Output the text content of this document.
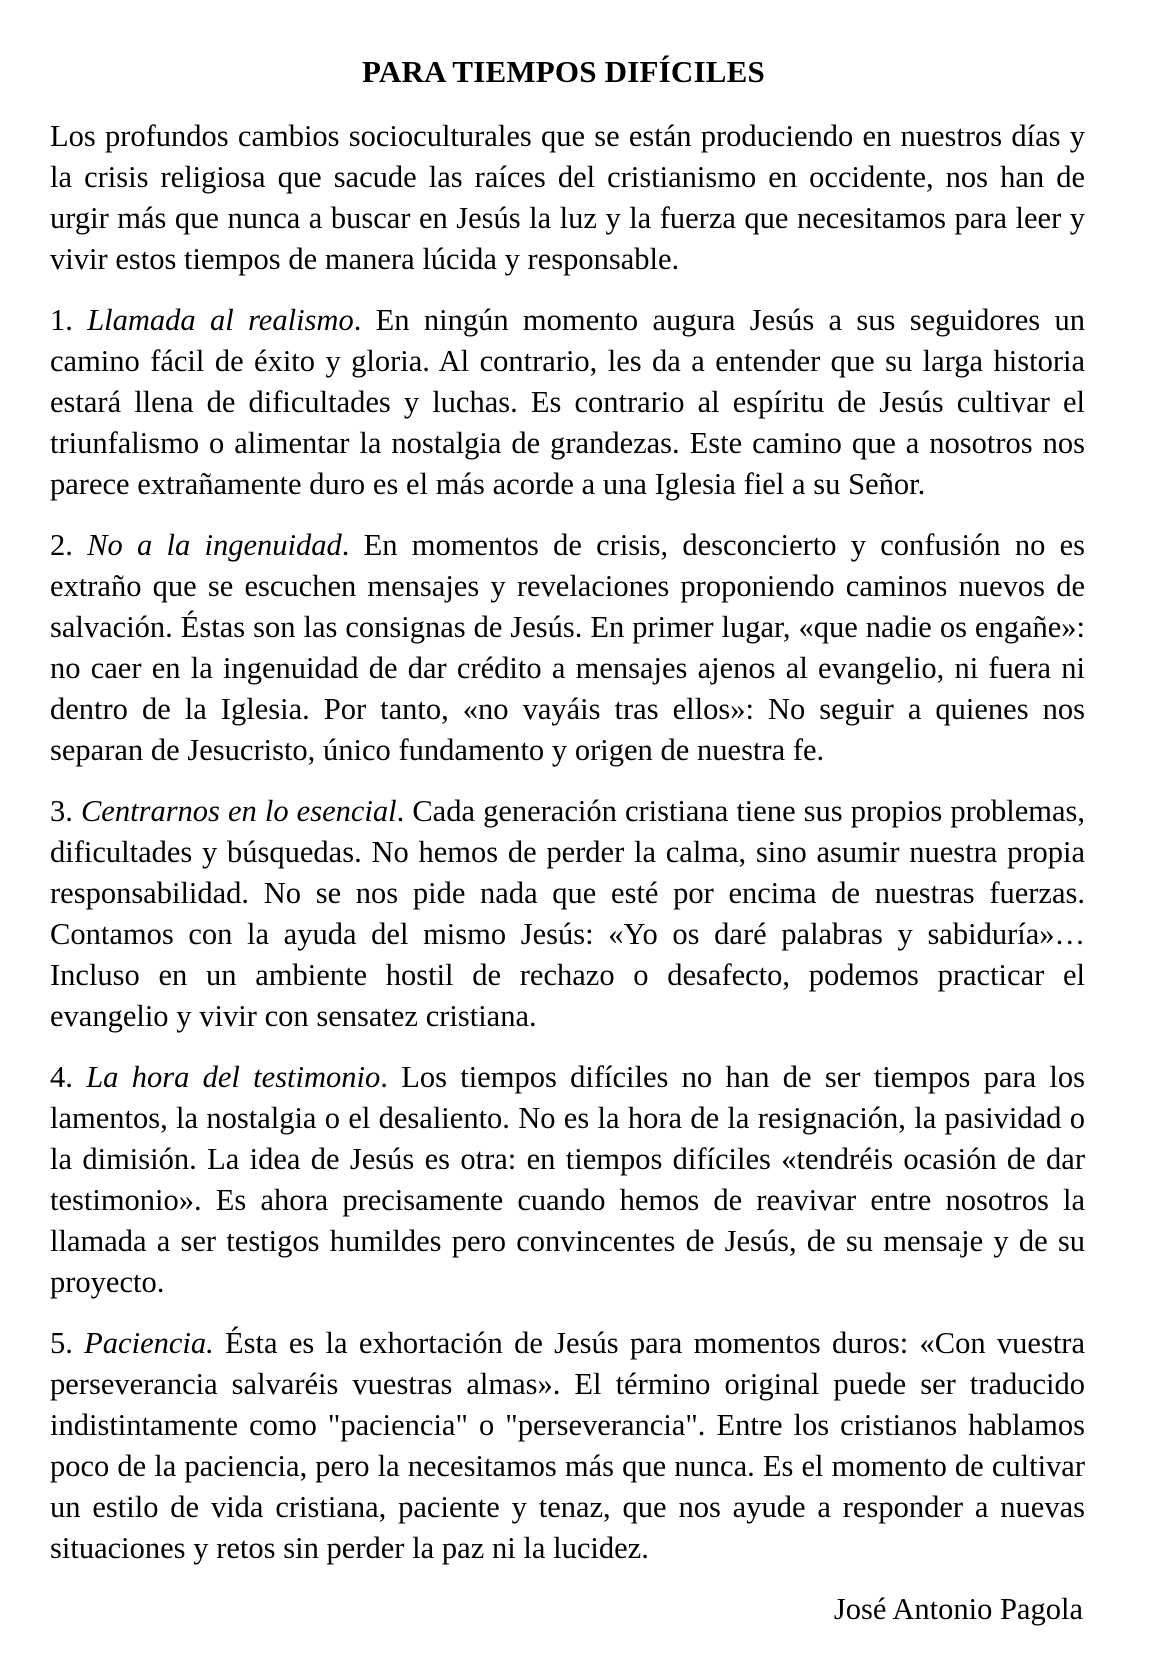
PARA TIEMPOS DIFÍCILES

Los profundos cambios socioculturales que se están produciendo en nuestros días y la crisis religiosa que sacude las raíces del cristianismo en occidente, nos han de urgir más que nunca a buscar en Jesús la luz y la fuerza que necesitamos para leer y vivir estos tiempos de manera lúcida y responsable.

1. Llamada al realismo. En ningún momento augura Jesús a sus seguidores un camino fácil de éxito y gloria. Al contrario, les da a entender que su larga historia estará llena de dificultades y luchas. Es contrario al espíritu de Jesús cultivar el triunfalismo o alimentar la nostalgia de grandezas. Este camino que a nosotros nos parece extrañamente duro es el más acorde a una Iglesia fiel a su Señor.

2. No a la ingenuidad. En momentos de crisis, desconcierto y confusión no es extraño que se escuchen mensajes y revelaciones proponiendo caminos nuevos de salvación. Éstas son las consignas de Jesús. En primer lugar, «que nadie os engañe»: no caer en la ingenuidad de dar crédito a mensajes ajenos al evangelio, ni fuera ni dentro de la Iglesia. Por tanto, «no vayáis tras ellos»: No seguir a quienes nos separan de Jesucristo, único fundamento y origen de nuestra fe.

3. Centrarnos en lo esencial. Cada generación cristiana tiene sus propios problemas, dificultades y búsquedas. No hemos de perder la calma, sino asumir nuestra propia responsabilidad. No se nos pide nada que esté por encima de nuestras fuerzas. Contamos con la ayuda del mismo Jesús: «Yo os daré palabras y sabiduría»… Incluso en un ambiente hostil de rechazo o desafecto, podemos practicar el evangelio y vivir con sensatez cristiana.

4. La hora del testimonio. Los tiempos difíciles no han de ser tiempos para los lamentos, la nostalgia o el desaliento. No es la hora de la resignación, la pasividad o la dimisión. La idea de Jesús es otra: en tiempos difíciles «tendréis ocasión de dar testimonio». Es ahora precisamente cuando hemos de reavivar entre nosotros la llamada a ser testigos humildes pero convincentes de Jesús, de su mensaje y de su proyecto.

5. Paciencia. Ésta es la exhortación de Jesús para momentos duros: «Con vuestra perseverancia salvaréis vuestras almas». El término original puede ser traducido indistintamente como "paciencia" o "perseverancia". Entre los cristianos hablamos poco de la paciencia, pero la necesitamos más que nunca. Es el momento de cultivar un estilo de vida cristiana, paciente y tenaz, que nos ayude a responder a nuevas situaciones y retos sin perder la paz ni la lucidez.

José Antonio Pagola
